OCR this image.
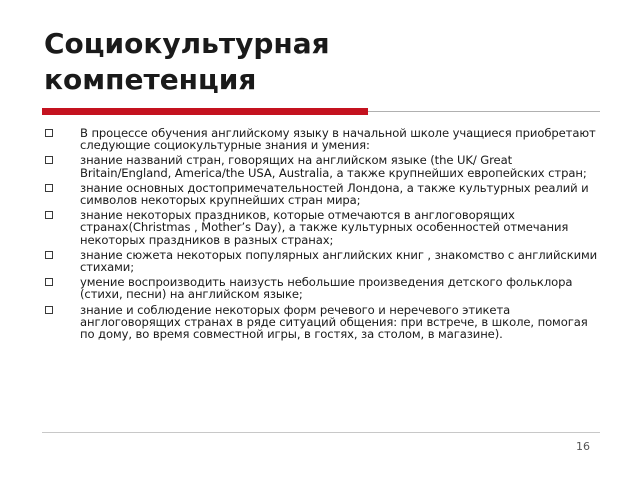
Социокультурная
компетенция
В процессе обучения английскому языку в начальной школе учащиеся приобретают следующие социокультурные знания и умения:
знание названий стран, говорящих на английском языке (the UK/ Great Britain/England, America/the USA, Australia, а также крупнейших европейских стран;
знание основных достопримечательностей Лондона, а также культурных реалий и символов некоторых крупнейших стран мира;
знание некоторых праздников, которые отмечаются в англоговорящих странах(Christmas , Mother’s Day), а также культурных особенностей отмечания некоторых праздников в разных странах;
знание сюжета некоторых популярных английских книг , знакомство с английскими стихами;
умение воспроизводить наизусть небольшие произведения детского фольклора (стихи, песни) на английском языке;
знание и соблюдение некоторых форм речевого и неречевого этикета англоговорящих странах в ряде ситуаций общения: при встрече, в школе, помогая по дому, во время совместной игры, в гостях, за столом, в магазине).
16
